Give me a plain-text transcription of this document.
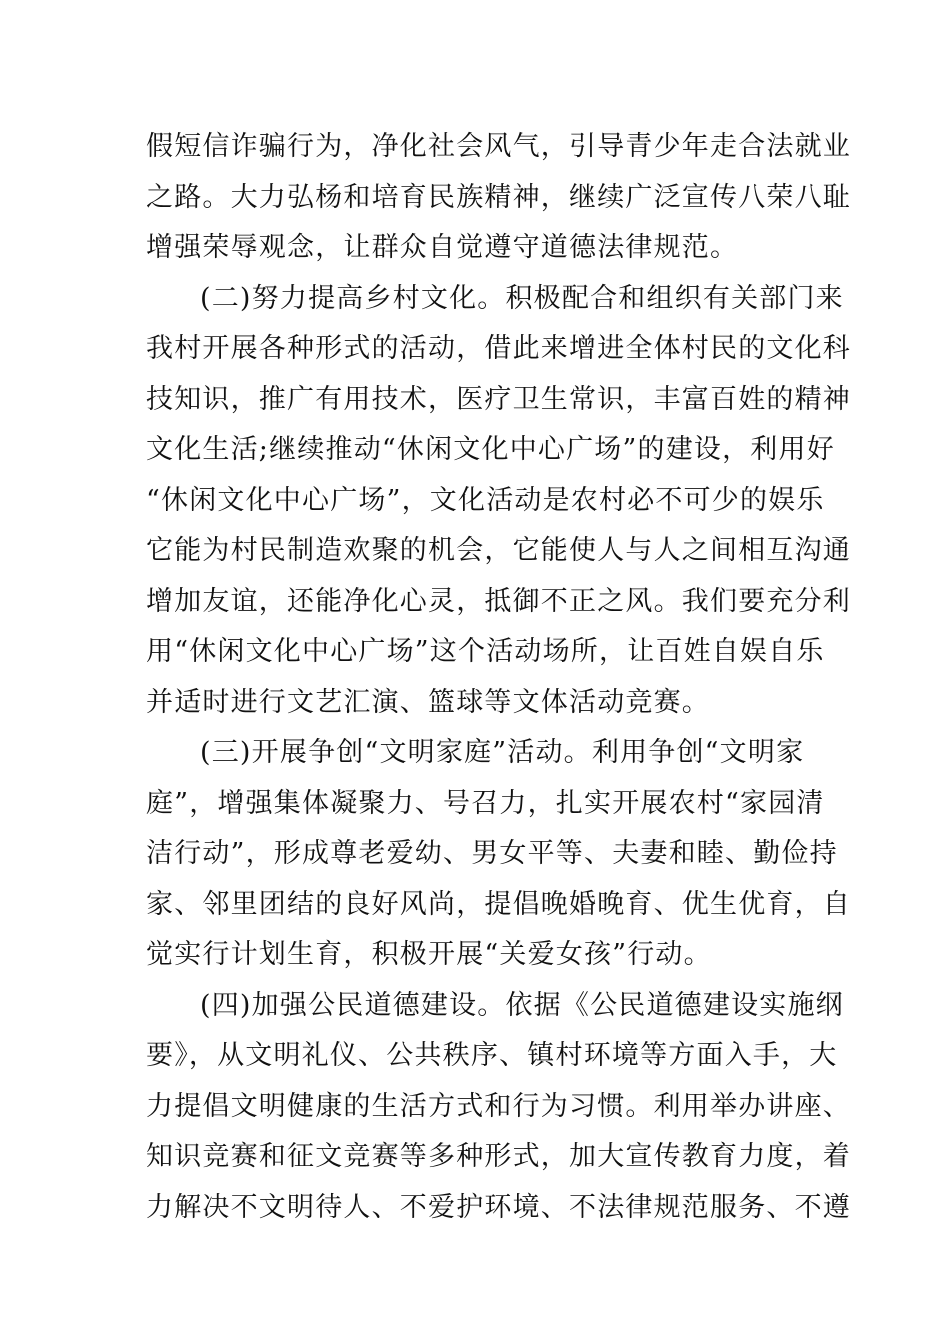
假短信诈骗行为，净化社会风气，引导青少年走合法就业
之路。大力弘杨和培育民族精神，继续广泛宣传八荣八耻
增强荣辱观念，让群众自觉遵守道德法律规范。
(二)努力提高乡村文化。积极配合和组织有关部门来
我村开展各种形式的活动，借此来增进全体村民的文化科
技知识，推广有用技术，医疗卫生常识，丰富百姓的精神
文化生活;继续推动“休闲文化中心广场”的建设，利用好
“休闲文化中心广场”，文化活动是农村必不可少的娱乐
它能为村民制造欢聚的机会，它能使人与人之间相互沟通
增加友谊，还能净化心灵，抵御不正之风。我们要充分利
用“休闲文化中心广场”这个活动场所，让百姓自娱自乐
并适时进行文艺汇演、篮球等文体活动竞赛。
(三)开展争创“文明家庭”活动。利用争创“文明家
庭”，增强集体凝聚力、号召力，扎实开展农村“家园清
洁行动”，形成尊老爱幼、男女平等、夫妻和睦、勤俭持
家、邻里团结的良好风尚，提倡晚婚晚育、优生优育，自
觉实行计划生育，积极开展“关爱女孩”行动。
(四)加强公民道德建设。依据《公民道德建设实施纲
要》，从文明礼仪、公共秩序、镇村环境等方面入手，大
力提倡文明健康的生活方式和行为习惯。利用举办讲座、
知识竞赛和征文竞赛等多种形式，加大宣传教育力度，着
力解决不文明待人、不爱护环境、不法律规范服务、不遵
